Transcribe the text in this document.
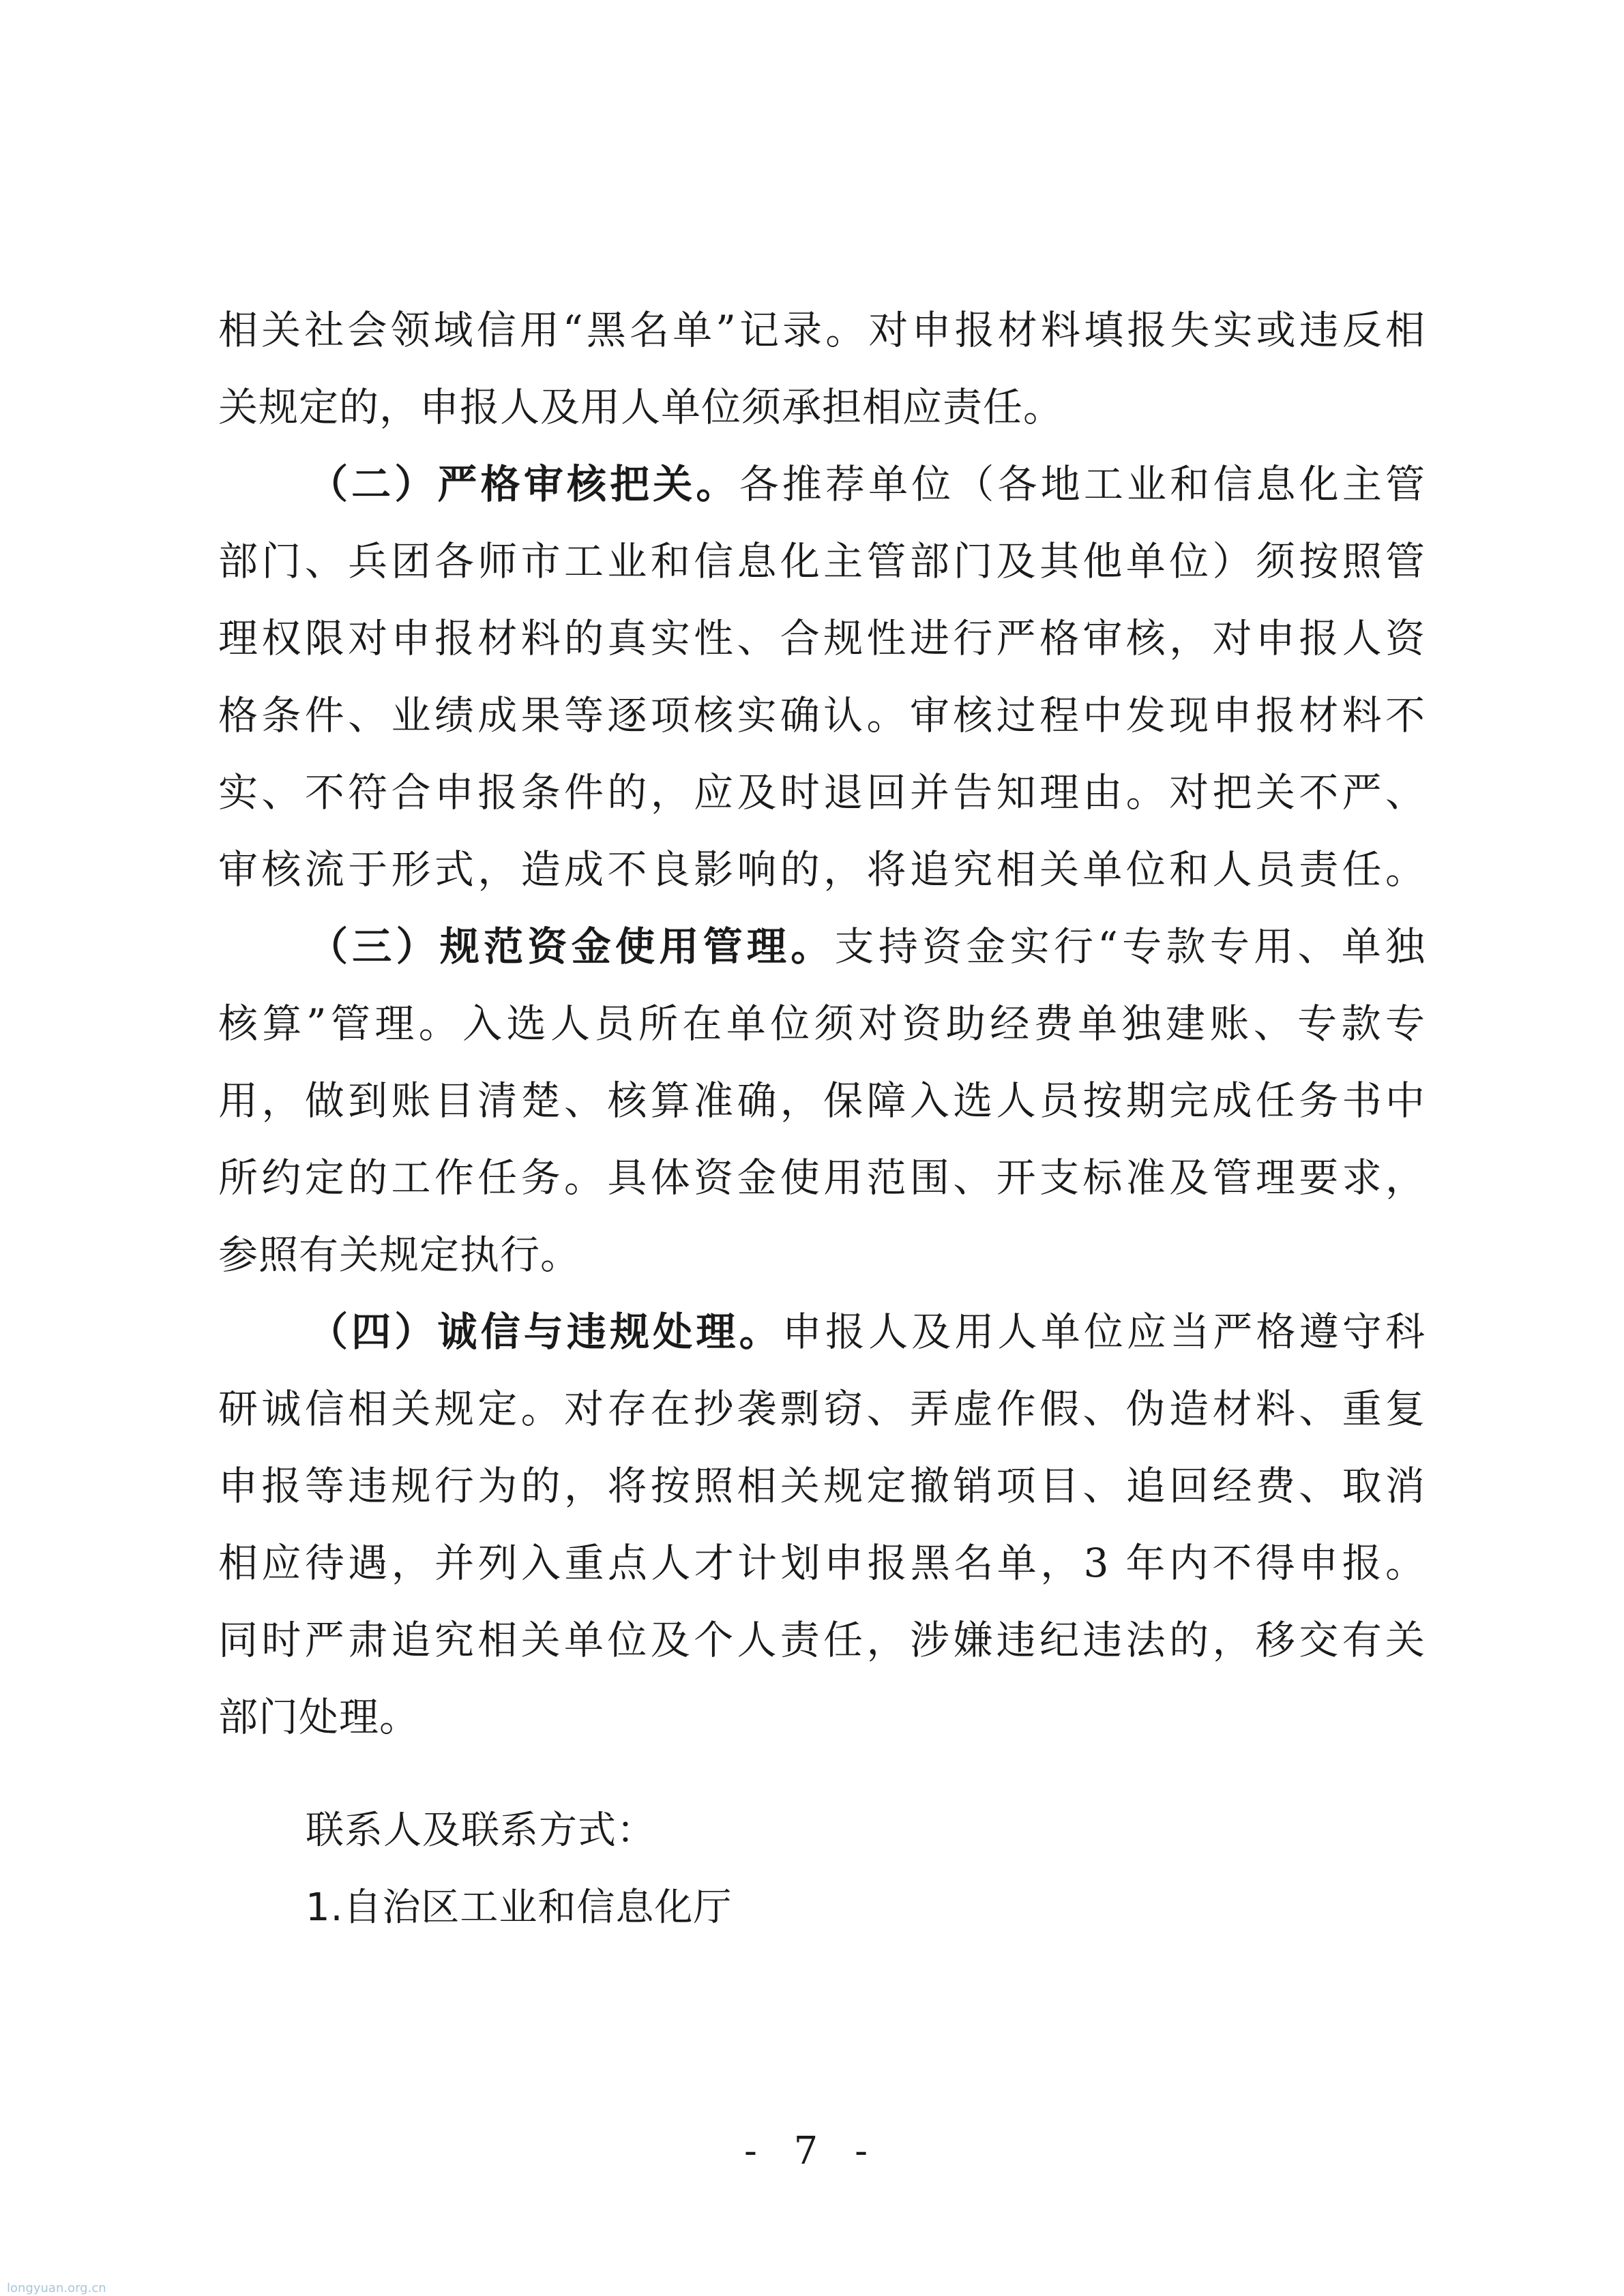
相关社会领域信用“黑名单”记录。对申报材料填报失实或违反相
关规定的，申报人及用人单位须承担相应责任。
（二）严格审核把关。各推荐单位（各地工业和信息化主管
部门、兵团各师市工业和信息化主管部门及其他单位）须按照管
理权限对申报材料的真实性、合规性进行严格审核，对申报人资
格条件、业绩成果等逐项核实确认。审核过程中发现申报材料不
实、不符合申报条件的，应及时退回并告知理由。对把关不严、
审核流于形式，造成不良影响的，将追究相关单位和人员责任。
（三）规范资金使用管理。支持资金实行“专款专用、单独
核算”管理。入选人员所在单位须对资助经费单独建账、专款专
用，做到账目清楚、核算准确，保障入选人员按期完成任务书中
所约定的工作任务。具体资金使用范围、开支标准及管理要求，
参照有关规定执行。
（四）诚信与违规处理。申报人及用人单位应当严格遵守科
研诚信相关规定。对存在抄袭剽窃、弄虚作假、伪造材料、重复
申报等违规行为的，将按照相关规定撤销项目、追回经费、取消
相应待遇，并列入重点人才计划申报黑名单，3 年内不得申报。
同时严肃追究相关单位及个人责任，涉嫌违纪违法的，移交有关
部门处理。
联系人及联系方式：
1.自治区工业和信息化厅
- 7 -
longyuan.org.cn
